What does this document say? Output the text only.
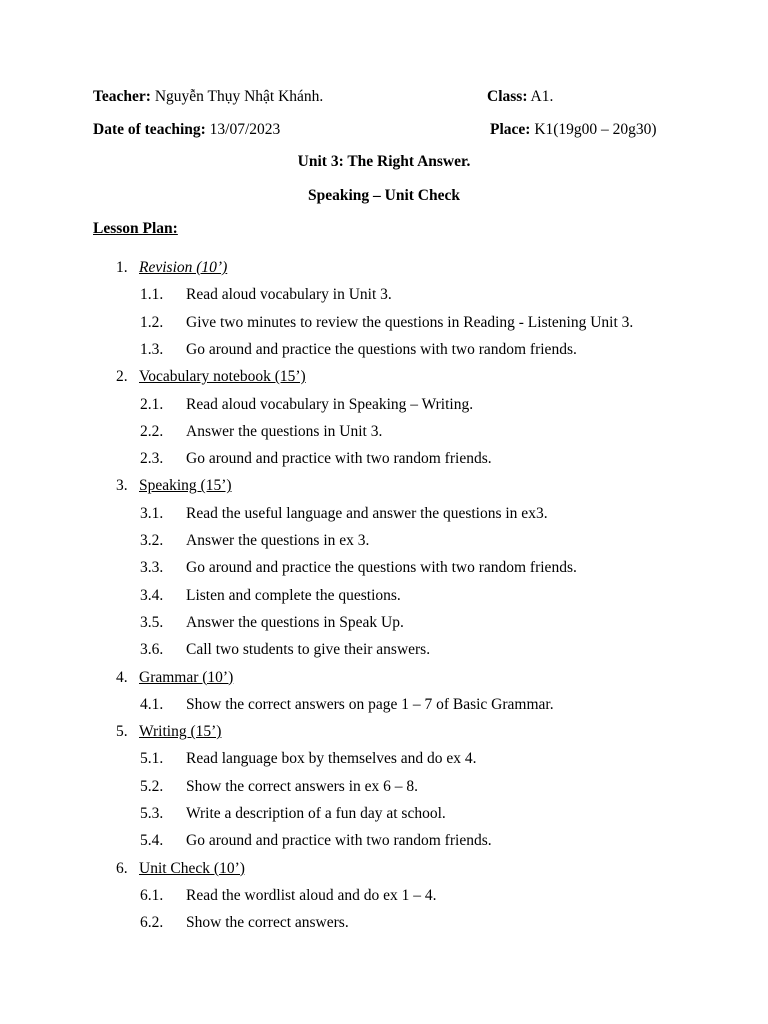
Teacher: Nguyễn Thụy Nhật Khánh.	Class: A1.
Date of teaching: 13/07/2023	Place: K1(19g00 – 20g30)
Unit 3: The Right Answer.
Speaking – Unit Check
Lesson Plan:
1. Revision (10’)
1.1. Read aloud vocabulary in Unit 3.
1.2. Give two minutes to review the questions in Reading - Listening Unit 3.
1.3. Go around and practice the questions with two random friends.
2. Vocabulary notebook (15’)
2.1. Read aloud vocabulary in Speaking – Writing.
2.2. Answer the questions in Unit 3.
2.3. Go around and practice with two random friends.
3. Speaking (15’)
3.1. Read the useful language and answer the questions in ex3.
3.2. Answer the questions in ex 3.
3.3. Go around and practice the questions with two random friends.
3.4. Listen and complete the questions.
3.5. Answer the questions in Speak Up.
3.6. Call two students to give their answers.
4. Grammar (10’)
4.1. Show the correct answers on page 1 – 7 of Basic Grammar.
5. Writing (15’)
5.1. Read language box by themselves and do ex 4.
5.2. Show the correct answers in ex 6 – 8.
5.3. Write a description of a fun day at school.
5.4. Go around and practice with two random friends.
6. Unit Check (10’)
6.1. Read the wordlist aloud and do ex 1 – 4.
6.2. Show the correct answers.
